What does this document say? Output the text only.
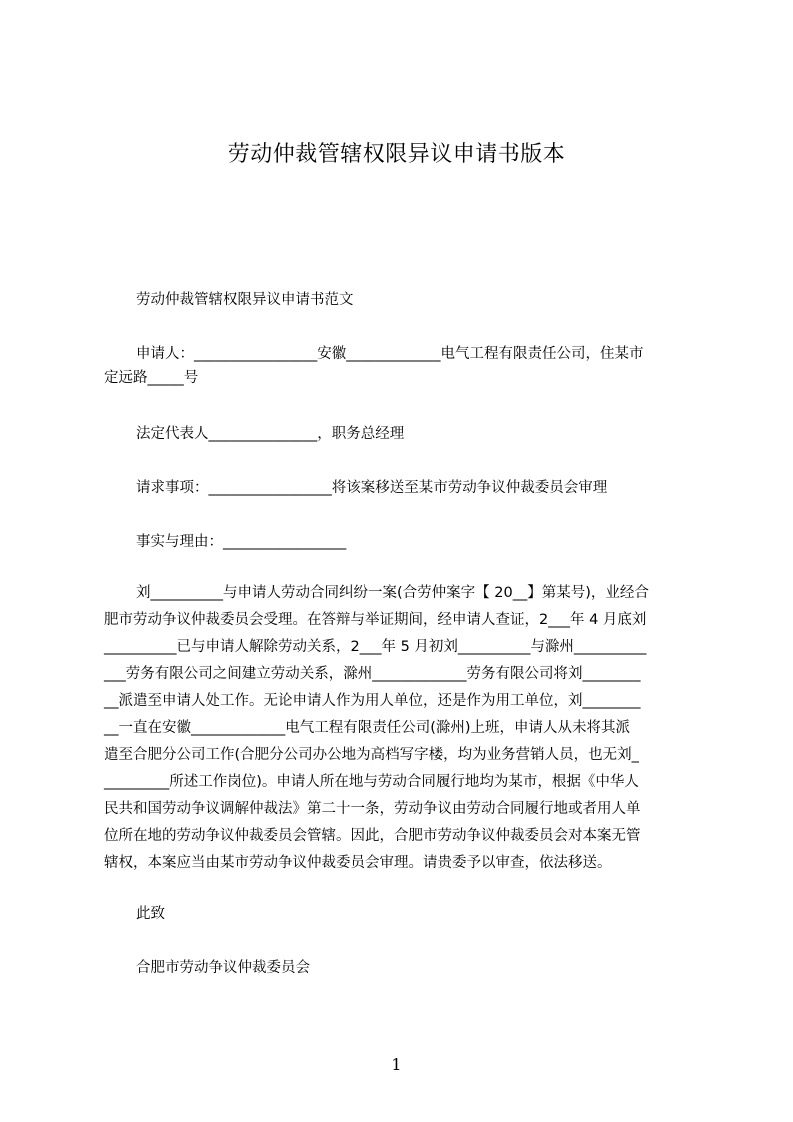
劳动仲裁管辖权限异议申请书版本

劳动仲裁管辖权限异议申请书范文

申请人：_________________安徽_____________电气工程有限责任公司，住某市

定远路_____号

法定代表人_______________，职务总经理

请求事项：_________________将该案移送至某市劳动争议仲裁委员会审理

事实与理由：_________________

刘__________与申请人劳动合同纠纷一案(合劳仲案字【 20__】第某号)，业经合

肥市劳动争议仲裁委员会受理。在答辩与举证期间，经申请人查证，2___年 4 月底刘

__________已与申请人解除劳动关系，2___年 5 月初刘__________与滁州__________

___劳务有限公司之间建立劳动关系，滁州_____________劳务有限公司将刘________

__派遣至申请人处工作。无论申请人作为用人单位，还是作为用工单位，刘________

__一直在安徽_____________电气工程有限责任公司(滁州)上班，申请人从未将其派

遣至合肥分公司工作(合肥分公司办公地为高档写字楼，均为业务营销人员，也无刘_

_________所述工作岗位)。申请人所在地与劳动合同履行地均为某市，根据《中华人

民共和国劳动争议调解仲裁法》第二十一条，劳动争议由劳动合同履行地或者用人单

位所在地的劳动争议仲裁委员会管辖。因此，合肥市劳动争议仲裁委员会对本案无管

辖权，本案应当由某市劳动争议仲裁委员会审理。请贵委予以审查，依法移送。

此致

合肥市劳动争议仲裁委员会

1
